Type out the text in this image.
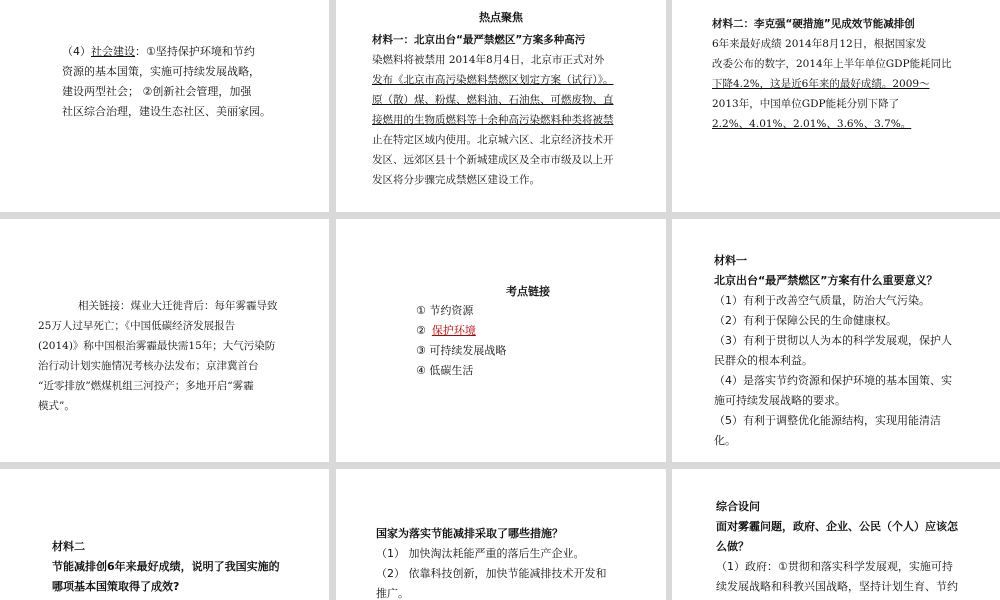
（4）社会建设：①坚持保护环境和节约
资源的基本国策，实施可持续发展战略，
建设两型社会； ②创新社会管理，加强
社区综合治理，建设生态社区、美丽家园。
热点聚焦
材料一：北京出台“最严禁燃区”方案多种高污
染燃料将被禁用 2014年8月4日，北京市正式对外
发布《北京市高污染燃料禁燃区划定方案（试行）》。
原（散）煤、粉煤、燃料油、石油焦、可燃废物、直
接燃用的生物质燃料等十余种高污染燃料种类将被禁
止在特定区域内使用。北京城六区、北京经济技术开
发区、远郊区县十个新城建成区及全市市级及以上开
发区将分步骤完成禁燃区建设工作。
材料二：李克强“硬措施”见成效节能减排创
6年来最好成绩 2014年8月12日，根据国家发
改委公布的数字，2014年上半年单位GDP能耗同比
下降4.2%，这是近6年来的最好成绩。2009～
2013年，中国单位GDP能耗分别下降了
2.2%、4.01%、2.01%、3.6%、3.7%。
相关链接：煤业大迁徙背后：每年雾霾导致
25万人过早死亡；《中国低碳经济发展报告
(2014)》称中国根治雾霾最快需15年；大气污染防
治行动计划实施情况考核办法发布；京津冀首台
“近零排放”燃煤机组三河投产；多地开启“雾霾
模式”。
考点链接
① 节约资源
② 保护环境
③ 可持续发展战略
④ 低碳生活
材料一
北京出台“最严禁燃区”方案有什么重要意义？
（1）有利于改善空气质量，防治大气污染。
（2）有利于保障公民的生命健康权。
（3）有利于贯彻以人为本的科学发展观，保护人
民群众的根本利益。
（4）是落实节约资源和保护环境的基本国策、实
施可持续发展战略的要求。
（5）有利于调整优化能源结构，实现用能清洁
化。
材料二
节能减排创6年来最好成绩，说明了我国实施的
哪项基本国策取得了成效?
国家为落实节能减排采取了哪些措施？
（1） 加快淘汰耗能严重的落后生产企业。
（2） 依靠科技创新，加快节能减排技术开发和
推广。
综合设问
面对雾霾问题，政府、企业、公民（个人）应该怎
么做？
（1）政府：①贯彻和落实科学发展观，实施可持
续发展战略和科教兴国战略，坚持计划生育、节约
